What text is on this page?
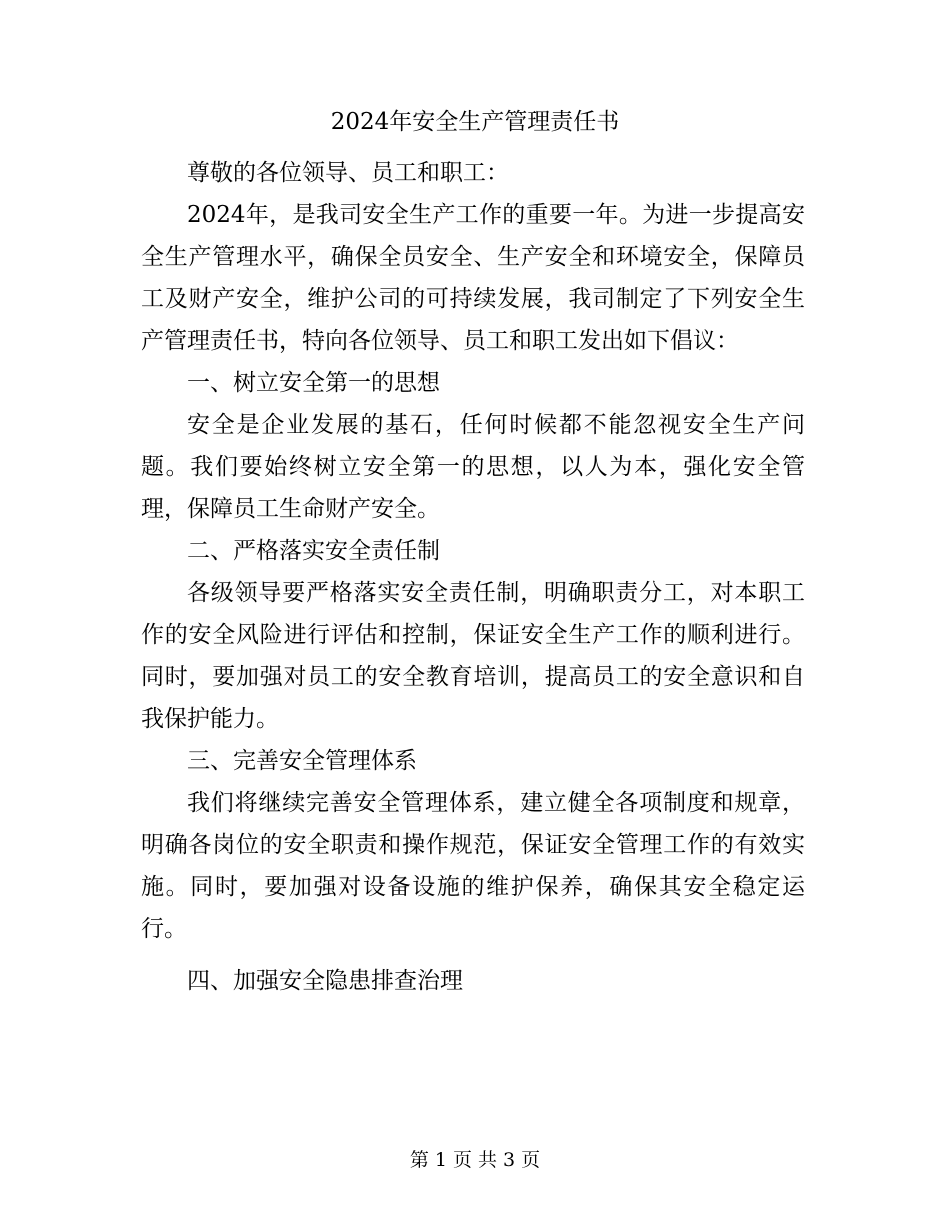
2024年安全生产管理责任书

尊敬的各位领导、员工和职工：

2024年，是我司安全生产工作的重要一年。为进一步提高安全生产管理水平，确保全员安全、生产安全和环境安全，保障员工及财产安全，维护公司的可持续发展，我司制定了下列安全生产管理责任书，特向各位领导、员工和职工发出如下倡议：

一、树立安全第一的思想

安全是企业发展的基石，任何时候都不能忽视安全生产问题。我们要始终树立安全第一的思想，以人为本，强化安全管理，保障员工生命财产安全。

二、严格落实安全责任制

各级领导要严格落实安全责任制，明确职责分工，对本职工作的安全风险进行评估和控制，保证安全生产工作的顺利进行。同时，要加强对员工的安全教育培训，提高员工的安全意识和自我保护能力。

三、完善安全管理体系

我们将继续完善安全管理体系，建立健全各项制度和规章，明确各岗位的安全职责和操作规范，保证安全管理工作的有效实施。同时，要加强对设备设施的维护保养，确保其安全稳定运行。

四、加强安全隐患排查治理

第 1 页 共 3 页
